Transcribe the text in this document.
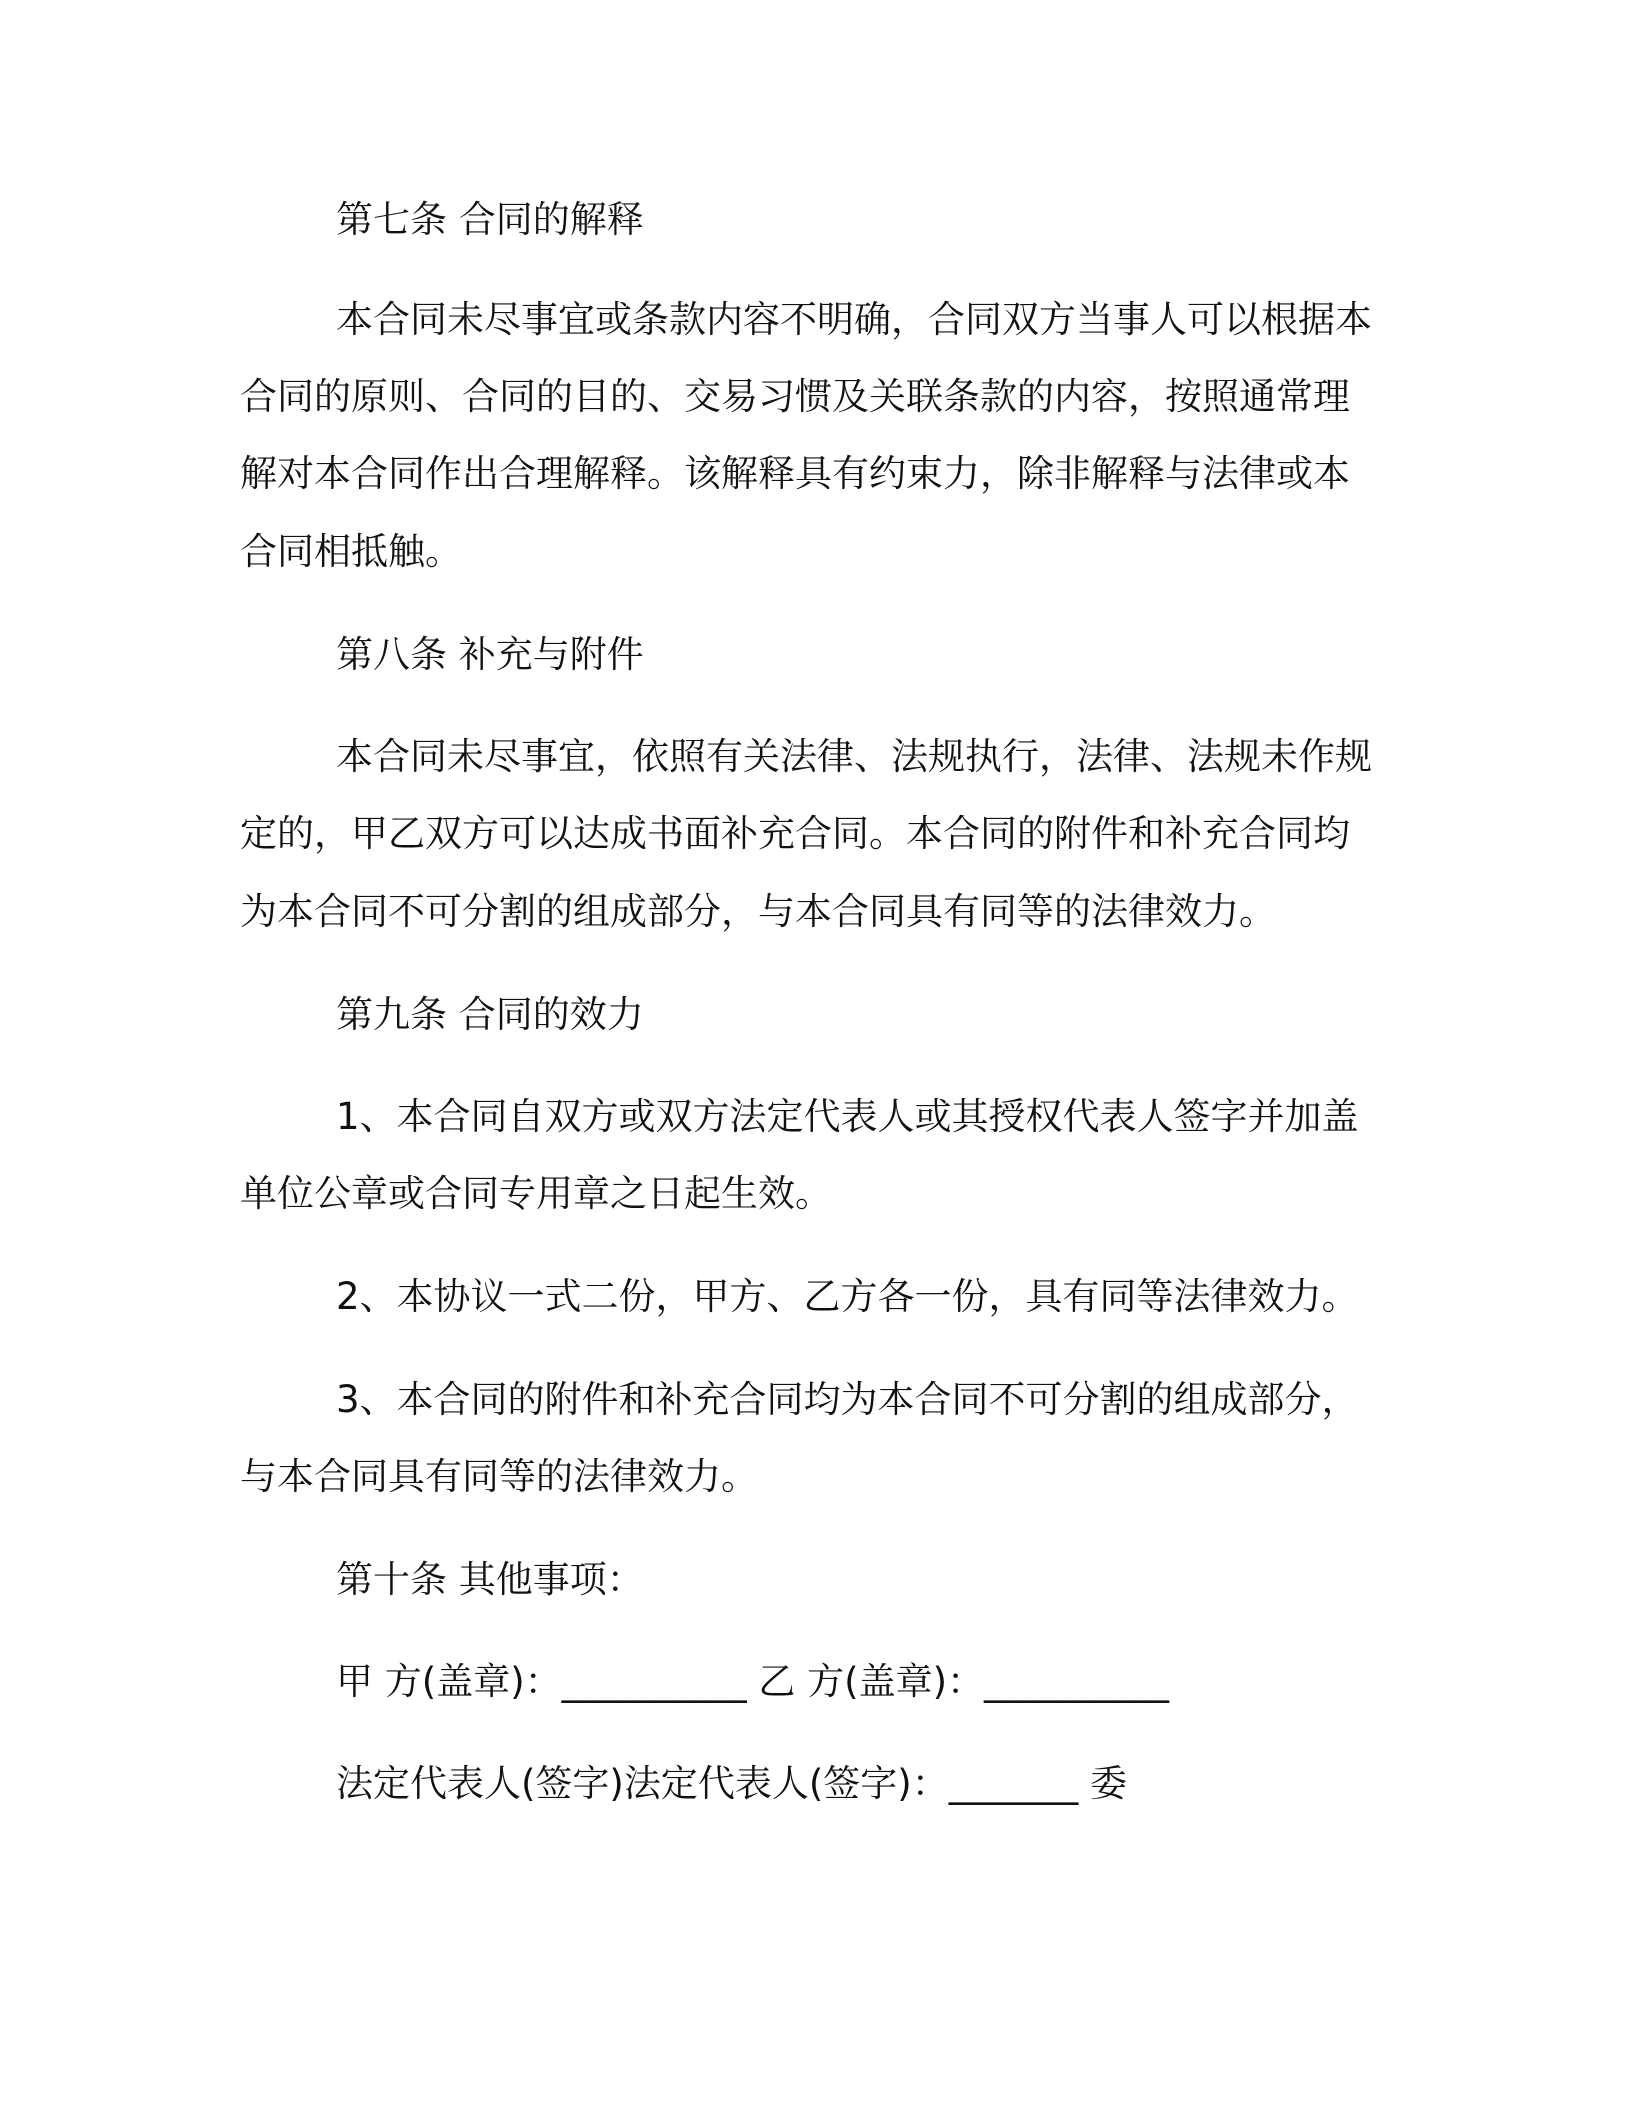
第七条 合同的解释
本合同未尽事宜或条款内容不明确，合同双方当事人可以根据本
合同的原则、合同的目的、交易习惯及关联条款的内容，按照通常理
解对本合同作出合理解释。该解释具有约束力，除非解释与法律或本
合同相抵触。
第八条 补充与附件
本合同未尽事宜，依照有关法律、法规执行，法律、法规未作规
定的，甲乙双方可以达成书面补充合同。本合同的附件和补充合同均
为本合同不可分割的组成部分，与本合同具有同等的法律效力。
第九条 合同的效力
1、本合同自双方或双方法定代表人或其授权代表人签字并加盖
单位公章或合同专用章之日起生效。
2、本协议一式二份，甲方、乙方各一份，具有同等法律效力。
3、本合同的附件和补充合同均为本合同不可分割的组成部分，
与本合同具有同等的法律效力。
第十条 其他事项：
甲 方(盖章)：__________ 乙 方(盖章)：__________
法定代表人(签字)法定代表人(签字)：_______ 委
